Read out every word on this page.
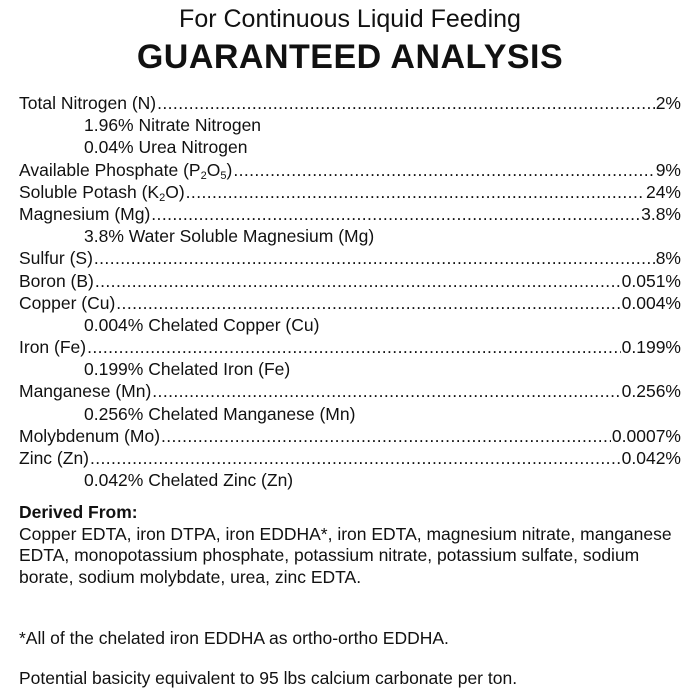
For Continuous Liquid Feeding
GUARANTEED ANALYSIS
Total Nitrogen (N) .....	2%
1.96% Nitrate Nitrogen
0.04% Urea Nitrogen
Available Phosphate $(P_2O_5)$ .....	9%
Soluble Potash $(K_2O)$ .....	24%
Magnesium (Mg) .....	3.8%
3.8% Water Soluble Magnesium (Mg)
Sulfur (S) .....	8%
Boron (B) .....	0.051%
Copper (Cu) .....	0.004%
0.004% Chelated Copper (Cu)
Iron (Fe) .....	0.199%
0.199% Chelated Iron (Fe)
Manganese (Mn) .....	0.256%
0.256% Chelated Manganese (Mn)
Molybdenum (Mo) .....	0.0007%
Zinc (Zn) .....	0.042%
0.042% Chelated Zinc (Zn)
Derived From:

Copper EDTA, iron DTPA, iron EDDHA*, iron EDTA, magnesium nitrate, manganese EDTA, monopotassium phosphate, potassium nitrate, potassium sulfate, sodium borate, sodium molybdate, urea, zinc EDTA.

*All of the chelated iron EDDHA as ortho-ortho EDDHA.
Potential basicity equivalent to 95 lbs calcium carbonate per ton.
